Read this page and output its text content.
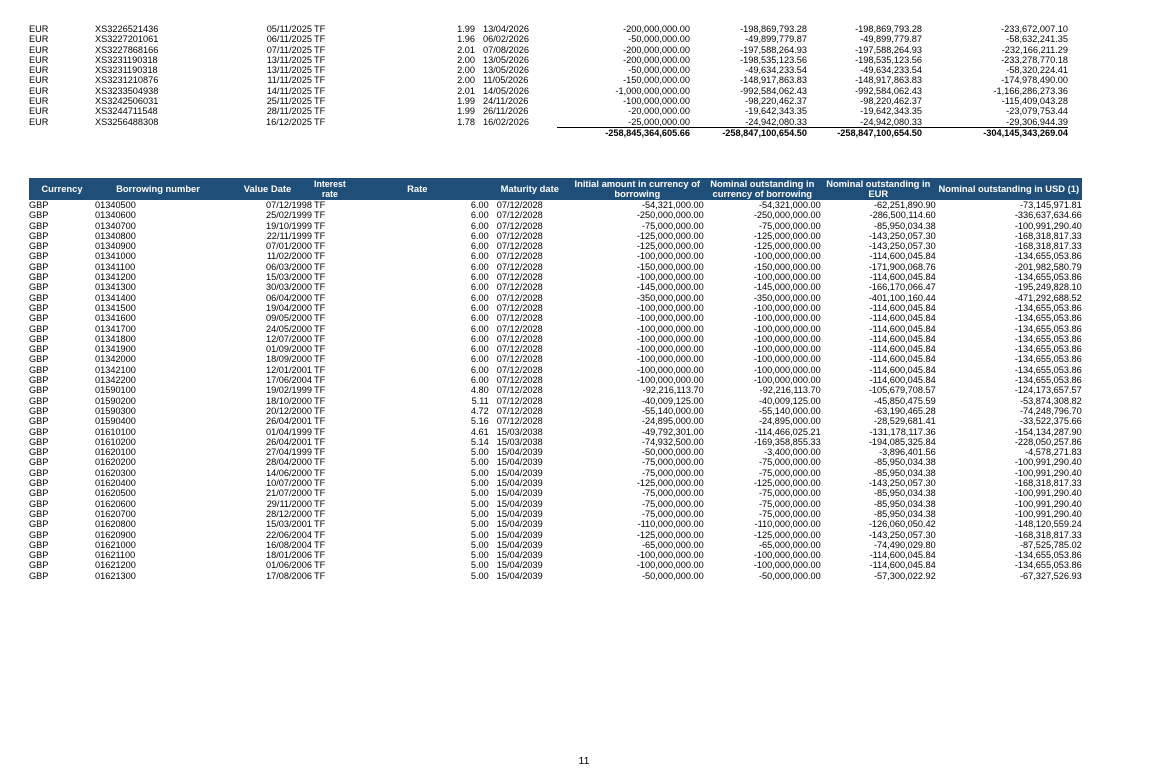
EUR	XS3226521436	05/11/2025	TF	1.99	13/04/2026	-200,000,000.00	-198,869,793.28	-198,869,793.28	-233,672,007.10
EUR	XS3227201061	06/11/2025	TF	1.96	06/02/2026	-50,000,000.00	-49,899,779.87	-49,899,779.87	-58,632,241.35
EUR	XS3227868166	07/11/2025	TF	2.01	07/08/2026	-200,000,000.00	-197,588,264.93	-197,588,264.93	-232,166,211.29
EUR	XS3231190318	13/11/2025	TF	2.00	13/05/2026	-200,000,000.00	-198,535,123.56	-198,535,123.56	-233,278,770.18
EUR	XS3231190318	13/11/2025	TF	2.00	13/05/2026	-50,000,000.00	-49,634,233.54	-49,634,233.54	-58,320,224.41
EUR	XS3231210876	11/11/2025	TF	2.00	11/05/2026	-150,000,000.00	-148,917,863.83	-148,917,863.83	-174,978,490.00
EUR	XS3233504938	14/11/2025	TF	2.01	14/05/2026	-1,000,000,000.00	-992,584,062.43	-992,584,062.43	-1,166,286,273.36
EUR	XS3242506031	25/11/2025	TF	1.99	24/11/2026	-100,000,000.00	-98,220,462.37	-98,220,462.37	-115,409,043.28
EUR	XS3244711548	28/11/2025	TF	1.99	26/11/2026	-20,000,000.00	-19,642,343.35	-19,642,343.35	-23,079,753.44
EUR	XS3256488308	16/12/2025	TF	1.78	16/02/2026	-25,000,000.00	-24,942,080.33	-24,942,080.33	-29,306,944.39
						-258,845,364,605.66	-258,847,100,654.50	-258,847,100,654.50	-304,145,343,269.04
Currency	Borrowing number	Value Date	Interest rate	Rate	Maturity date	Initial amount in currency of borrowing	Nominal outstanding in currency of borrowing	Nominal outstanding in EUR	Nominal outstanding in USD (1)
GBP	01340500	07/12/1998	TF	6.00	07/12/2028	-54,321,000.00	-54,321,000.00	-62,251,890.90	-73,145,971.81
GBP	01340600	25/02/1999	TF	6.00	07/12/2028	-250,000,000.00	-250,000,000.00	-286,500,114.60	-336,637,634.66
GBP	01340700	19/10/1999	TF	6.00	07/12/2028	-75,000,000.00	-75,000,000.00	-85,950,034.38	-100,991,290.40
GBP	01340800	22/11/1999	TF	6.00	07/12/2028	-125,000,000.00	-125,000,000.00	-143,250,057.30	-168,318,817.33
GBP	01340900	07/01/2000	TF	6.00	07/12/2028	-125,000,000.00	-125,000,000.00	-143,250,057.30	-168,318,817.33
GBP	01341000	11/02/2000	TF	6.00	07/12/2028	-100,000,000.00	-100,000,000.00	-114,600,045.84	-134,655,053.86
GBP	01341100	06/03/2000	TF	6.00	07/12/2028	-150,000,000.00	-150,000,000.00	-171,900,068.76	-201,982,580.79
GBP	01341200	15/03/2000	TF	6.00	07/12/2028	-100,000,000.00	-100,000,000.00	-114,600,045.84	-134,655,053.86
GBP	01341300	30/03/2000	TF	6.00	07/12/2028	-145,000,000.00	-145,000,000.00	-166,170,066.47	-195,249,828.10
GBP	01341400	06/04/2000	TF	6.00	07/12/2028	-350,000,000.00	-350,000,000.00	-401,100,160.44	-471,292,688.52
GBP	01341500	19/04/2000	TF	6.00	07/12/2028	-100,000,000.00	-100,000,000.00	-114,600,045.84	-134,655,053.86
GBP	01341600	09/05/2000	TF	6.00	07/12/2028	-100,000,000.00	-100,000,000.00	-114,600,045.84	-134,655,053.86
GBP	01341700	24/05/2000	TF	6.00	07/12/2028	-100,000,000.00	-100,000,000.00	-114,600,045.84	-134,655,053.86
GBP	01341800	12/07/2000	TF	6.00	07/12/2028	-100,000,000.00	-100,000,000.00	-114,600,045.84	-134,655,053.86
GBP	01341900	01/09/2000	TF	6.00	07/12/2028	-100,000,000.00	-100,000,000.00	-114,600,045.84	-134,655,053.86
GBP	01342000	18/09/2000	TF	6.00	07/12/2028	-100,000,000.00	-100,000,000.00	-114,600,045.84	-134,655,053.86
GBP	01342100	12/01/2001	TF	6.00	07/12/2028	-100,000,000.00	-100,000,000.00	-114,600,045.84	-134,655,053.86
GBP	01342200	17/06/2004	TF	6.00	07/12/2028	-100,000,000.00	-100,000,000.00	-114,600,045.84	-134,655,053.86
GBP	01590100	19/02/1999	TF	4.80	07/12/2028	-92,216,113.70	-92,216,113.70	-105,679,708.57	-124,173,657.57
GBP	01590200	18/10/2000	TF	5.11	07/12/2028	-40,009,125.00	-40,009,125.00	-45,850,475.59	-53,874,308.82
GBP	01590300	20/12/2000	TF	4.72	07/12/2028	-55,140,000.00	-55,140,000.00	-63,190,465.28	-74,248,796.70
GBP	01590400	26/04/2001	TF	5.16	07/12/2028	-24,895,000.00	-24,895,000.00	-28,529,681.41	-33,522,375.66
GBP	01610100	01/04/1999	TF	4.61	15/03/2038	-49,792,301.00	-114,466,025.21	-131,178,117.36	-154,134,287.90
GBP	01610200	26/04/2001	TF	5.14	15/03/2038	-74,932,500.00	-169,358,855.33	-194,085,325.84	-228,050,257.86
GBP	01620100	27/04/1999	TF	5.00	15/04/2039	-50,000,000.00	-3,400,000.00	-3,896,401.56	-4,578,271.83
GBP	01620200	28/04/2000	TF	5.00	15/04/2039	-75,000,000.00	-75,000,000.00	-85,950,034.38	-100,991,290.40
GBP	01620300	14/06/2000	TF	5.00	15/04/2039	-75,000,000.00	-75,000,000.00	-85,950,034.38	-100,991,290.40
GBP	01620400	10/07/2000	TF	5.00	15/04/2039	-125,000,000.00	-125,000,000.00	-143,250,057.30	-168,318,817.33
GBP	01620500	21/07/2000	TF	5.00	15/04/2039	-75,000,000.00	-75,000,000.00	-85,950,034.38	-100,991,290.40
GBP	01620600	29/11/2000	TF	5.00	15/04/2039	-75,000,000.00	-75,000,000.00	-85,950,034.38	-100,991,290.40
GBP	01620700	28/12/2000	TF	5.00	15/04/2039	-75,000,000.00	-75,000,000.00	-85,950,034.38	-100,991,290.40
GBP	01620800	15/03/2001	TF	5.00	15/04/2039	-110,000,000.00	-110,000,000.00	-126,060,050.42	-148,120,559.24
GBP	01620900	22/06/2004	TF	5.00	15/04/2039	-125,000,000.00	-125,000,000.00	-143,250,057.30	-168,318,817.33
GBP	01621000	16/08/2004	TF	5.00	15/04/2039	-65,000,000.00	-65,000,000.00	-74,490,029.80	-87,525,785.02
GBP	01621100	18/01/2006	TF	5.00	15/04/2039	-100,000,000.00	-100,000,000.00	-114,600,045.84	-134,655,053.86
GBP	01621200	01/06/2006	TF	5.00	15/04/2039	-100,000,000.00	-100,000,000.00	-114,600,045.84	-134,655,053.86
GBP	01621300	17/08/2006	TF	5.00	15/04/2039	-50,000,000.00	-50,000,000.00	-57,300,022.92	-67,327,526.93
11
